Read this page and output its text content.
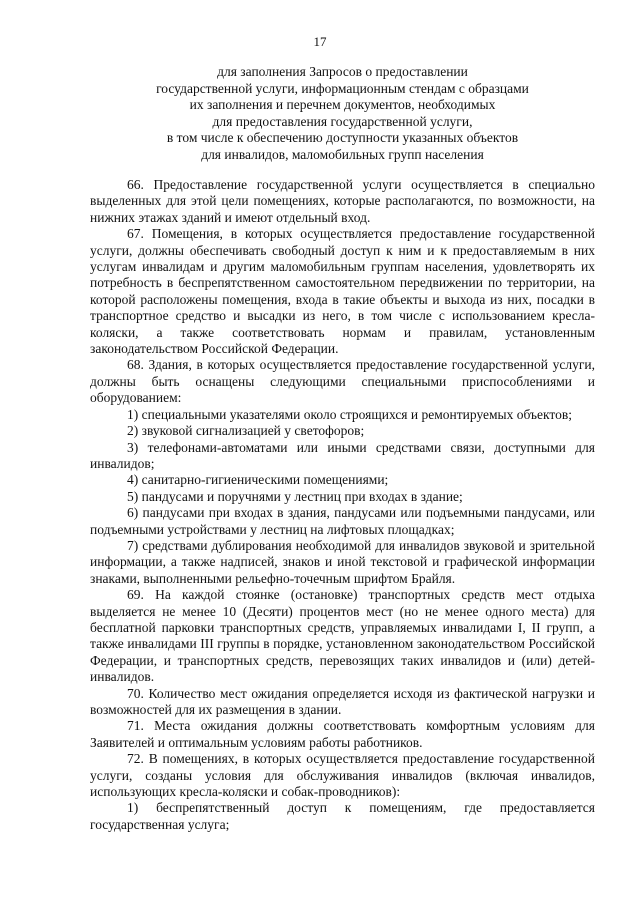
17
для заполнения Запросов о предоставлении
государственной услуги, информационным стендам с образцами
их заполнения и перечнем документов, необходимых
для предоставления государственной услуги,
в том числе к обеспечению доступности указанных объектов
для инвалидов, маломобильных групп населения

66. Предоставление государственной услуги осуществляется в специально выделенных для этой цели помещениях, которые располагаются, по возможности, на нижних этажах зданий и имеют отдельный вход.

67. Помещения, в которых осуществляется предоставление государственной услуги, должны обеспечивать свободный доступ к ним и к предоставляемым в них услугам инвалидам и другим маломобильным группам населения, удовлетворять их потребность в беспрепятственном самостоятельном передвижении по территории, на которой расположены помещения, входа в такие объекты и выхода из них, посадки в транспортное средство и высадки из него, в том числе с использованием кресла-коляски, а также соответствовать нормам и правилам, установленным законодательством Российской Федерации.

68. Здания, в которых осуществляется предоставление государственной услуги, должны быть оснащены следующими специальными приспособлениями и оборудованием:

1) специальными указателями около строящихся и ремонтируемых объектов;

2) звуковой сигнализацией у светофоров;

3) телефонами-автоматами или иными средствами связи, доступными для инвалидов;

4) санитарно-гигиеническими помещениями;

5) пандусами и поручнями у лестниц при входах в здание;

6) пандусами при входах в здания, пандусами или подъемными пандусами, или подъемными устройствами у лестниц на лифтовых площадках;

7) средствами дублирования необходимой для инвалидов звуковой и зрительной информации, а также надписей, знаков и иной текстовой и графической информации знаками, выполненными рельефно-точечным шрифтом Брайля.

69. На каждой стоянке (остановке) транспортных средств мест отдыха выделяется не менее 10 (Десяти) процентов мест (но не менее одного места) для бесплатной парковки транспортных средств, управляемых инвалидами I, II групп, а также инвалидами III группы в порядке, установленном законодательством Российской Федерации, и транспортных средств, перевозящих таких инвалидов и (или) детей-инвалидов.

70. Количество мест ожидания определяется исходя из фактической нагрузки и возможностей для их размещения в здании.

71. Места ожидания должны соответствовать комфортным условиям для Заявителей и оптимальным условиям работы работников.

72. В помещениях, в которых осуществляется предоставление государственной услуги, созданы условия для обслуживания инвалидов (включая инвалидов, использующих кресла-коляски и собак-проводников):

1) беспрепятственный доступ к помещениям, где предоставляется государственная услуга;
